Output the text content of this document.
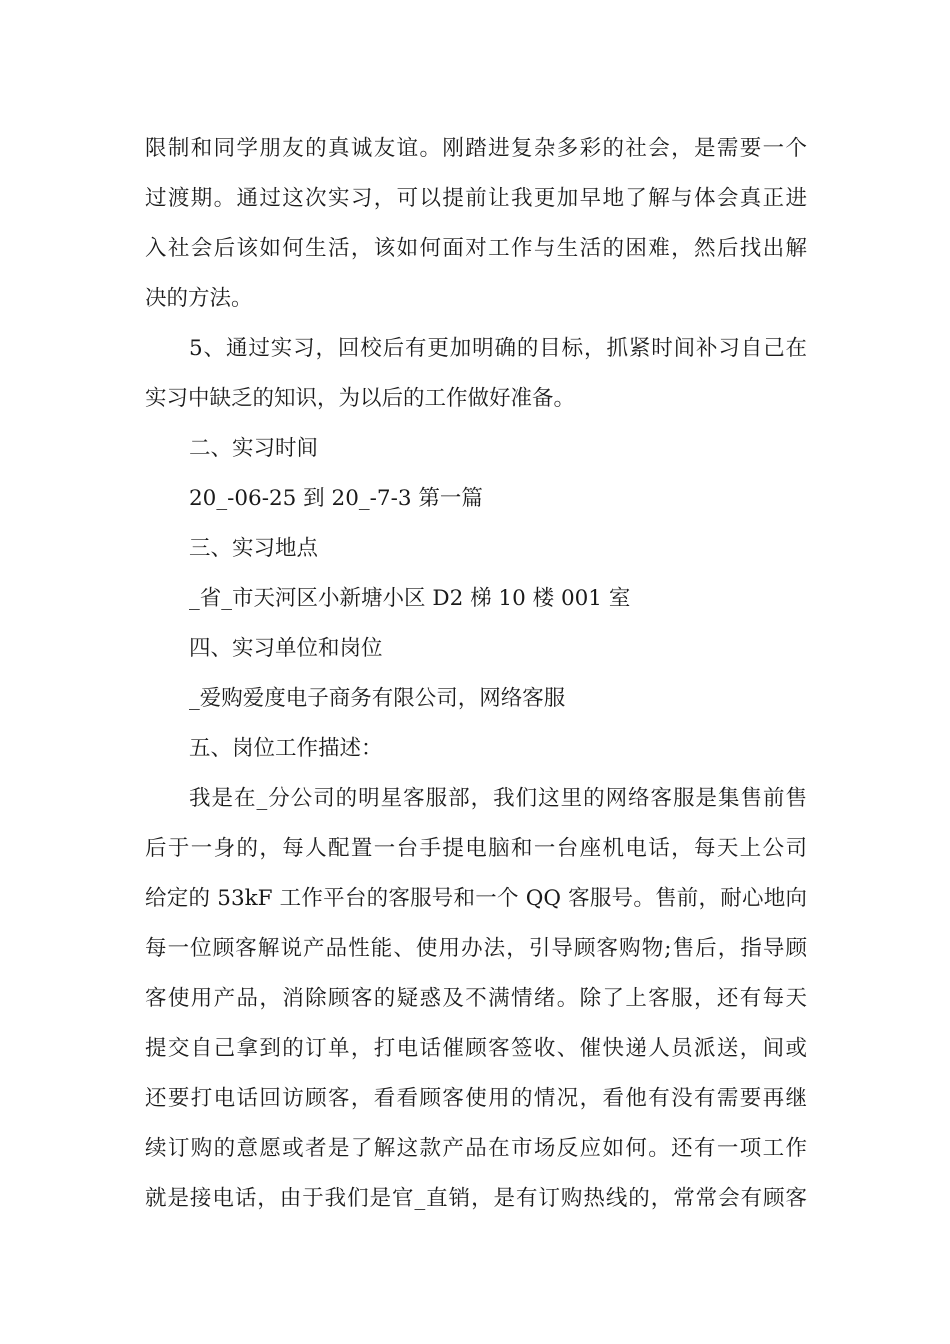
限制和同学朋友的真诚友谊。刚踏进复杂多彩的社会，是需要一个
过渡期。通过这次实习，可以提前让我更加早地了解与体会真正进
入社会后该如何生活，该如何面对工作与生活的困难，然后找出解
决的方法。
5、通过实习，回校后有更加明确的目标，抓紧时间补习自己在
实习中缺乏的知识，为以后的工作做好准备。
二、实习时间
20_-06-25 到 20_-7-3 第一篇
三、实习地点
_省_市天河区小新塘小区 D2 梯 10 楼 001 室
四、实习单位和岗位
_爱购爱度电子商务有限公司，网络客服
五、岗位工作描述：
我是在_分公司的明星客服部，我们这里的网络客服是集售前售
后于一身的，每人配置一台手提电脑和一台座机电话，每天上公司
给定的 53kF 工作平台的客服号和一个 QQ 客服号。售前，耐心地向
每一位顾客解说产品性能、使用办法，引导顾客购物;售后，指导顾
客使用产品，消除顾客的疑惑及不满情绪。除了上客服，还有每天
提交自己拿到的订单，打电话催顾客签收、催快递人员派送，间或
还要打电话回访顾客，看看顾客使用的情况，看他有没有需要再继
续订购的意愿或者是了解这款产品在市场反应如何。还有一项工作
就是接电话，由于我们是官_直销，是有订购热线的，常常会有顾客
